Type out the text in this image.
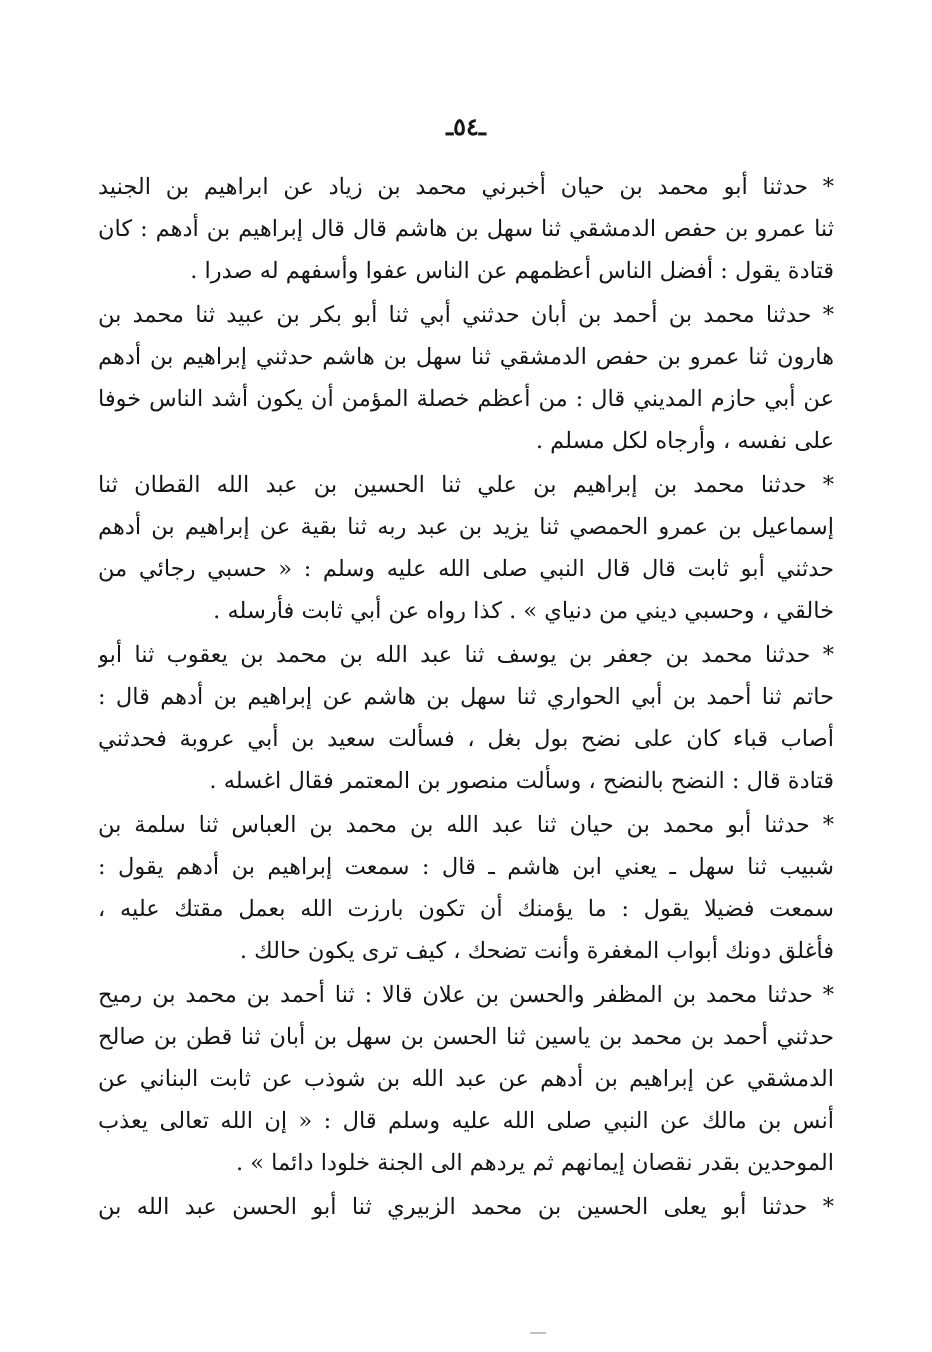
ـ٥٤ـ
* حدثنا أبو محمد بن حيان أخبرني محمد بن زياد عن ابراهيم بن الجنيد
ثنا عمرو بن حفص الدمشقي ثنا سهل بن هاشم قال قال إبراهيم بن أدهم : كان
قتادة يقول : أفضل الناس أعظمهم عن الناس عفوا وأسفهم له صدرا .
* حدثنا محمد بن أحمد بن أبان حدثني أبي ثنا أبو بكر بن عبيد ثنا محمد بن
هارون ثنا عمرو بن حفص الدمشقي ثنا سهل بن هاشم حدثني إبراهيم بن أدهم
عن أبي حازم المديني قال : من أعظم خصلة المؤمن أن يكون أشد الناس خوفا
على نفسه ، وأرجاه لكل مسلم .
* حدثنا محمد بن إبراهيم بن علي ثنا الحسين بن عبد الله القطان ثنا
إسماعيل بن عمرو الحمصي ثنا يزيد بن عبد ربه ثنا بقية عن إبراهيم بن أدهم
حدثني أبو ثابت قال قال النبي صلى الله عليه وسلم : « حسبي رجائي من
خالقي ، وحسبي ديني من دنياي » . كذا رواه عن أبي ثابت فأرسله .
* حدثنا محمد بن جعفر بن يوسف ثنا عبد الله بن محمد بن يعقوب ثنا أبو
حاتم ثنا أحمد بن أبي الحواري ثنا سهل بن هاشم عن إبراهيم بن أدهم قال :
أصاب قباء كان على نضح بول بغل ، فسألت سعيد بن أبي عروبة فحدثني
قتادة قال : النضح بالنضح ، وسألت منصور بن المعتمر فقال اغسله .
* حدثنا أبو محمد بن حيان ثنا عبد الله بن محمد بن العباس ثنا سلمة بن
شبيب ثنا سهل ـ يعني ابن هاشم ـ قال : سمعت إبراهيم بن أدهم يقول :
سمعت فضيلا يقول : ما يؤمنك أن تكون بارزت الله بعمل مقتك عليه ،
فأغلق دونك أبواب المغفرة وأنت تضحك ، كيف ترى يكون حالك .
* حدثنا محمد بن المظفر والحسن بن علان قالا : ثنا أحمد بن محمد بن رميح
حدثني أحمد بن محمد بن ياسين ثنا الحسن بن سهل بن أبان ثنا قطن بن صالح
الدمشقي عن إبراهيم بن أدهم عن عبد الله بن شوذب عن ثابت البناني عن
أنس بن مالك عن النبي صلى الله عليه وسلم قال : « إن الله تعالى يعذب
الموحدين بقدر نقصان إيمانهم ثم يردهم الى الجنة خلودا دائما » .
* حدثنا أبو يعلى الحسين بن محمد الزبيري ثنا أبو الحسن عبد الله بن
